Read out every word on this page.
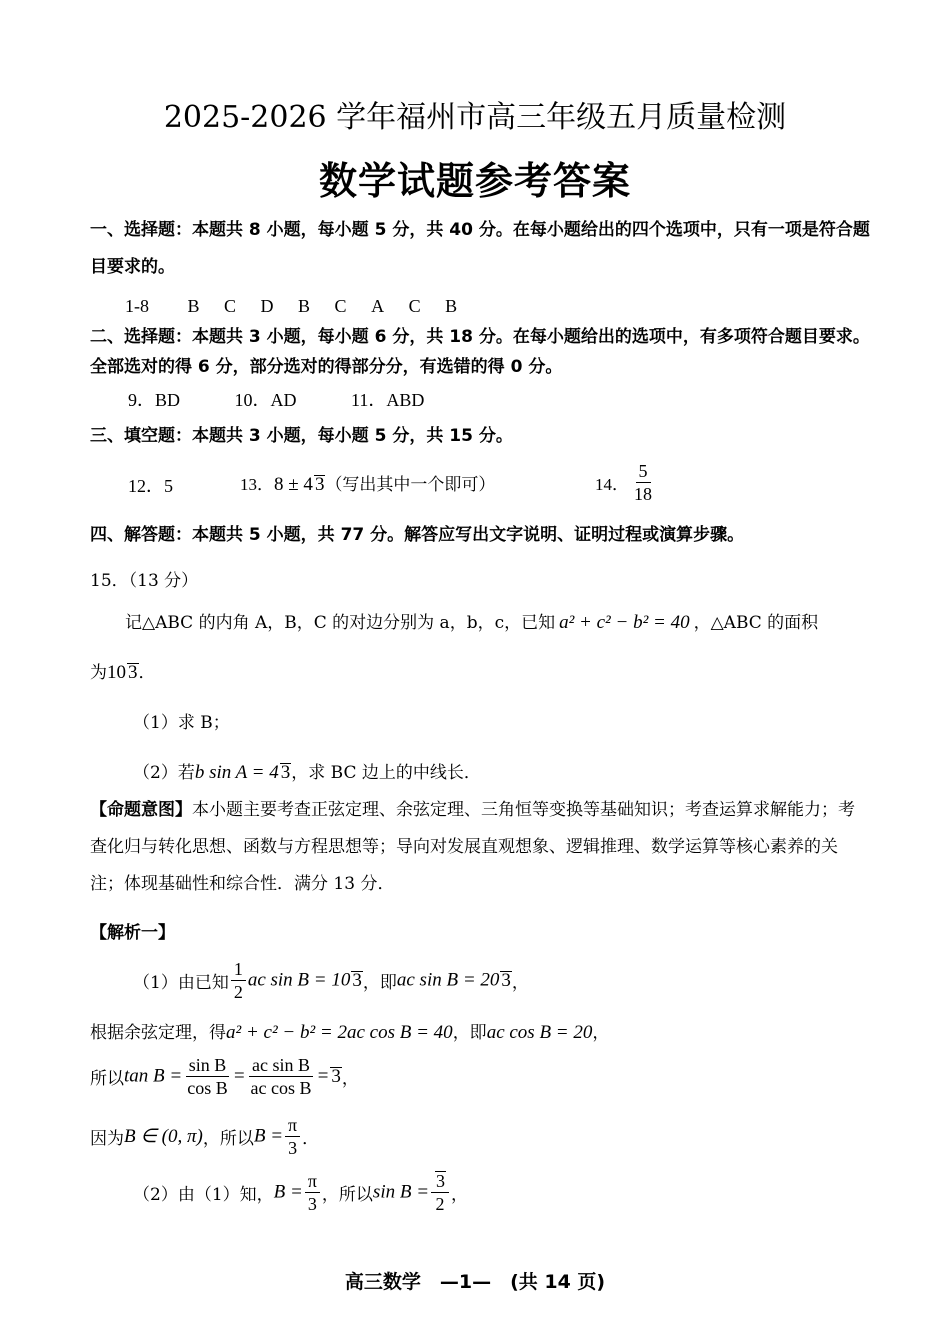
2025-2026 学年福州市高三年级五月质量检测
数学试题参考答案
一、选择题：本题共 8 小题，每小题 5 分，共 40 分。在每小题给出的四个选项中，只有一项是符合题目要求的。
1-8 B C D B C A C B
二、选择题：本题共 3 小题，每小题 6 分，共 18 分。在每小题给出的选项中，有多项符合题目要求。全部选对的得 6 分，部分选对的得部分分，有选错的得 0 分。
9．BD	10．AD	11．ABD
三、填空题：本题共 3 小题，每小题 5 分，共 15 分。
12．5	13．8 ± 4 3（写出其中一个即可）	14． $\frac{5}{18}$
四、解答题：本题共 5 小题，共 77 分。解答应写出文字说明、证明过程或演算步骤。
15．（13 分）
记△ABC 的内角 A，B，C 的对边分别为 a，b，c，已知 a² + c² − b² = 40 ，△ABC 的面积
为10 3．
（1）求 B；
（2）若b sin A = 4 3，求 BC 边上的中线长．
【命题意图】本小题主要考查正弦定理、余弦定理、三角恒等变换等基础知识；考查运算求解能力；考查化归与转化思想、函数与方程思想等；导向对发展直观想象、逻辑推理、数学运算等核心素养的关注；体现基础性和综合性．满分 13 分．
【解析一】
（1）由已知 $\frac{1}{2}$ ac sin B = 10 3，即ac sin B = 20 3，
根据余弦定理，得a² + c² − b² = 2ac cos B = 40，即ac cos B = 20，
所以$\tan B = \frac{\text{sin B}}{\text{cos B}} = \frac{\text{ac sin B}}{\text{ac cos B}} = 3$，
因为B ∈ (0, π)，所以$B = \frac{\pi}{3}$ ．
（2）由（1）知，$B = \frac{\pi}{3}$ ，所以$\sin B = \frac{3}{2}$ ，
高三数学　—1—　(共 14 页)
